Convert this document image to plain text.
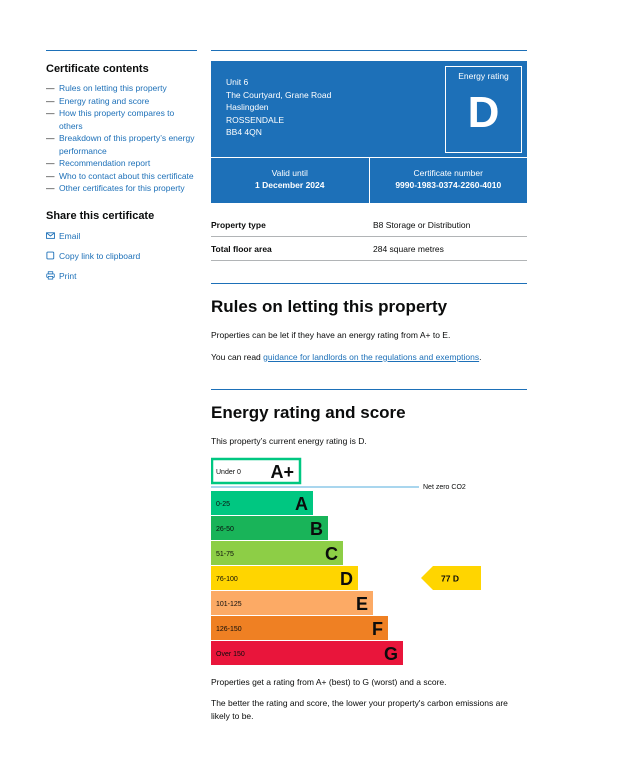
Certificate contents
— Rules on letting this property
— Energy rating and score
— How this property compares to others
— Breakdown of this property’s energy performance
— Recommendation report
— Who to contact about this certificate
— Other certificates for this property
Share this certificate
Email
Copy link to clipboard
Print
Unit 6
The Courtyard, Grane Road
Haslingden
ROSSENDALE
BB4 4QN
Energy rating
D
Valid until
1 December 2024
Certificate number
9990-1983-0374-2260-4010
Property type	B8 Storage or Distribution
Total floor area	284 square metres
Rules on letting this property

Properties can be let if they have an energy rating from A+ to E.

You can read guidance for landlords on the regulations and exemptions.

Energy rating and score

This property’s current energy rating is D.

Under 0 A+
0-25	A
26-50	B
51-75	C
76-100	D
101-125	E
126-150	F
Over 150	G
Net zero CO2
77 D

Properties get a rating from A+ (best) to G (worst) and a score.

The better the rating and score, the lower your property's carbon emissions are likely to be.
